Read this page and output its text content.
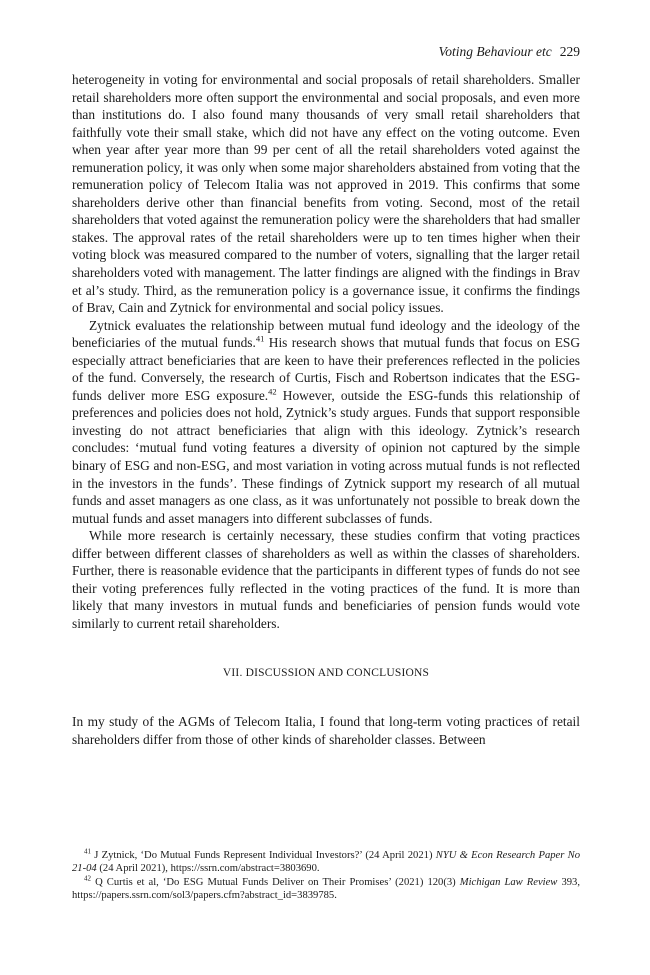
Voting Behaviour etc 229

heterogeneity in voting for environmental and social proposals of retail shareholders. Smaller retail shareholders more often support the environmental and social proposals, and even more than institutions do. I also found many thousands of very small retail shareholders that faithfully vote their small stake, which did not have any effect on the voting outcome. Even when year after year more than 99 per cent of all the retail shareholders voted against the remuneration policy, it was only when some major shareholders abstained from voting that the remuneration policy of Telecom Italia was not approved in 2019. This confirms that some shareholders derive other than financial benefits from voting. Second, most of the retail shareholders that voted against the remuneration policy were the shareholders that had smaller stakes. The approval rates of the retail shareholders were up to ten times higher when their voting block was measured compared to the number of voters, signalling that the larger retail shareholders voted with management. The latter findings are aligned with the findings in Brav et al’s study. Third, as the remuneration policy is a governance issue, it confirms the findings of Brav, Cain and Zytnick for environmental and social policy issues.

Zytnick evaluates the relationship between mutual fund ideology and the ideology of the beneficiaries of the mutual funds.$^{41}$ His research shows that mutual funds that focus on ESG especially attract beneficiaries that are keen to have their preferences reflected in the policies of the fund. Conversely, the research of Curtis, Fisch and Robertson indicates that the ESG-funds deliver more ESG exposure.$^{42}$ However, outside the ESG-funds this relationship of preferences and policies does not hold, Zytnick’s study argues. Funds that support responsible investing do not attract beneficiaries that align with this ideology. Zytnick’s research concludes: ‘mutual fund voting features a diversity of opinion not captured by the simple binary of ESG and non-ESG, and most variation in voting across mutual funds is not reflected in the investors in the funds’. These findings of Zytnick support my research of all mutual funds and asset managers as one class, as it was unfortunately not possible to break down the mutual funds and asset managers into different subclasses of funds.

While more research is certainly necessary, these studies confirm that voting practices differ between different classes of shareholders as well as within the classes of shareholders. Further, there is reasonable evidence that the participants in different types of funds do not see their voting preferences fully reflected in the voting practices of the fund. It is more than likely that many investors in mutual funds and beneficiaries of pension funds would vote similarly to current retail shareholders.

VII. DISCUSSION AND CONCLUSIONS

In my study of the AGMs of Telecom Italia, I found that long-term voting practices of retail shareholders differ from those of other kinds of shareholder classes. Between

$^{41}$ J Zytnick, ‘Do Mutual Funds Represent Individual Investors?’ (24 April 2021) NYU & Econ Research Paper No 21-04 (24 April 2021), https://ssrn.com/abstract=3803690.

$^{42}$ Q Curtis et al, ‘Do ESG Mutual Funds Deliver on Their Promises’ (2021) 120(3) Michigan Law Review 393, https://papers.ssrn.com/sol3/papers.cfm?abstract_id=3839785.
